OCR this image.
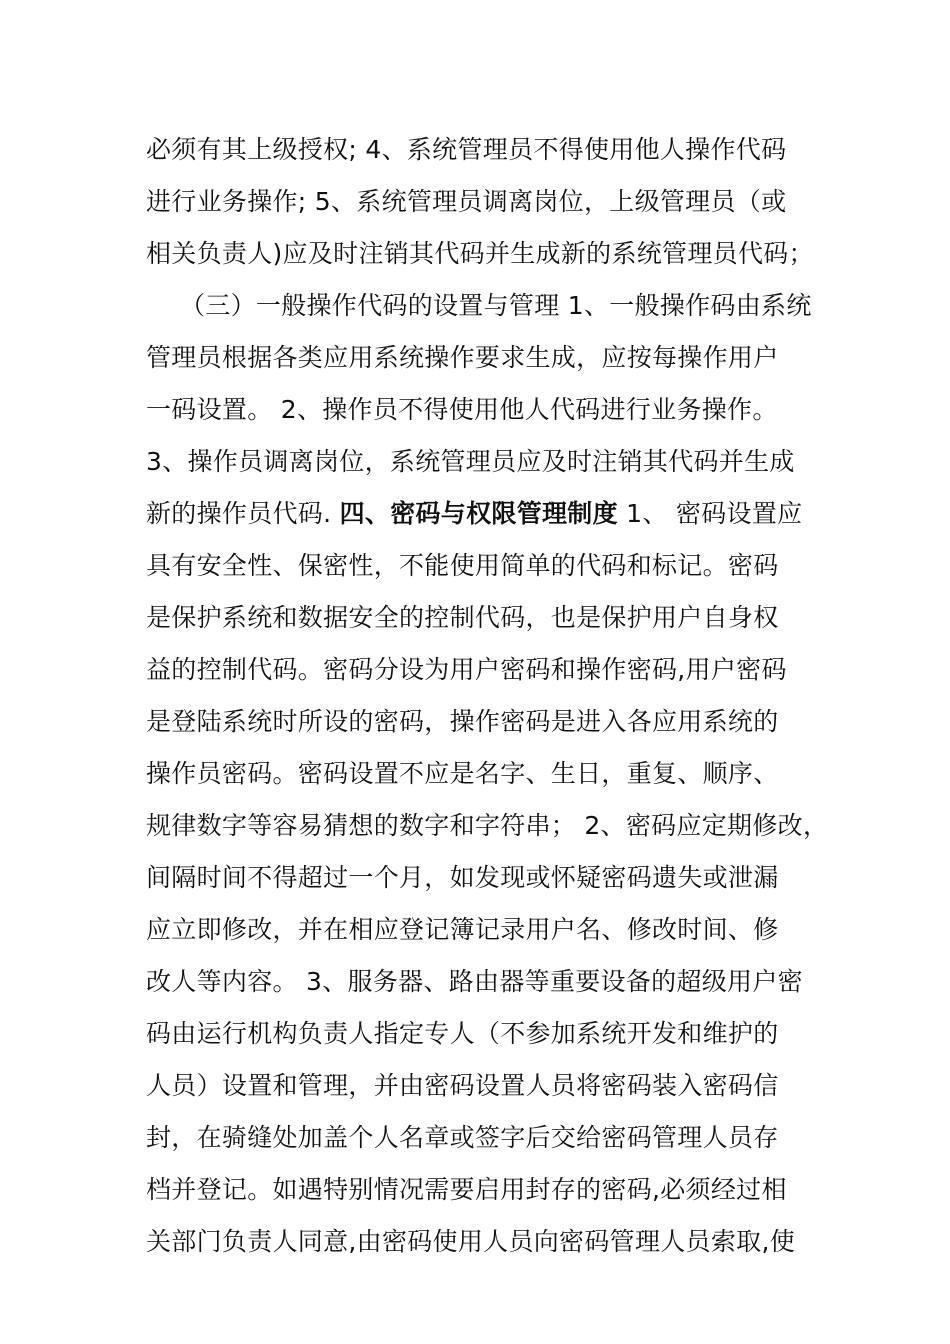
必须有其上级授权; 4、系统管理员不得使用他人操作代码
进行业务操作; 5、系统管理员调离岗位，上级管理员（或
相关负责人)应及时注销其代码并生成新的系统管理员代码；
（三）一般操作代码的设置与管理 1、一般操作码由系统
管理员根据各类应用系统操作要求生成，应按每操作用户
一码设置。 2、操作员不得使用他人代码进行业务操作。
3、操作员调离岗位，系统管理员应及时注销其代码并生成
新的操作员代码. 四、密码与权限管理制度 1、 密码设置应
具有安全性、保密性，不能使用简单的代码和标记。密码
是保护系统和数据安全的控制代码，也是保护用户自身权
益的控制代码。密码分设为用户密码和操作密码,用户密码
是登陆系统时所设的密码，操作密码是进入各应用系统的
操作员密码。密码设置不应是名字、生日，重复、顺序、
规律数字等容易猜想的数字和字符串； 2、密码应定期修改，
间隔时间不得超过一个月，如发现或怀疑密码遗失或泄漏
应立即修改，并在相应登记簿记录用户名、修改时间、修
改人等内容。 3、服务器、路由器等重要设备的超级用户密
码由运行机构负责人指定专人（不参加系统开发和维护的
人员）设置和管理，并由密码设置人员将密码装入密码信
封，在骑缝处加盖个人名章或签字后交给密码管理人员存
档并登记。如遇特别情况需要启用封存的密码,必须经过相
关部门负责人同意,由密码使用人员向密码管理人员索取,使
